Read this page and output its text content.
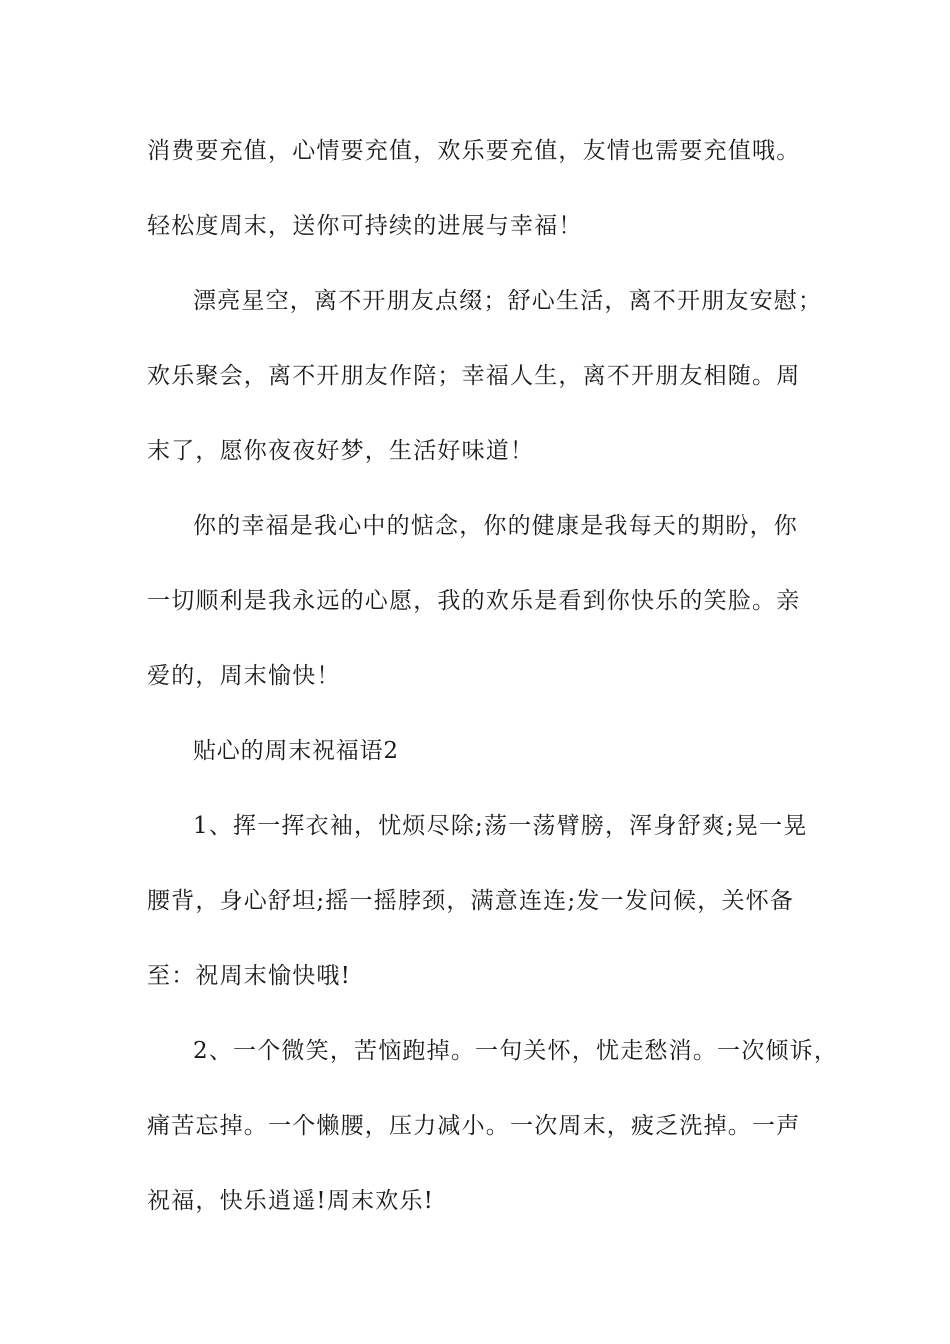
消费要充值，心情要充值，欢乐要充值，友情也需要充值哦。
轻松度周末，送你可持续的进展与幸福！
漂亮星空，离不开朋友点缀；舒心生活，离不开朋友安慰；
欢乐聚会，离不开朋友作陪；幸福人生，离不开朋友相随。周
末了，愿你夜夜好梦，生活好味道！
你的幸福是我心中的惦念，你的健康是我每天的期盼，你
一切顺利是我永远的心愿，我的欢乐是看到你快乐的笑脸。亲
爱的，周末愉快！
贴心的周末祝福语2
1、挥一挥衣袖，忧烦尽除;荡一荡臂膀，浑身舒爽;晃一晃
腰背，身心舒坦;摇一摇脖颈，满意连连;发一发问候，关怀备
至：祝周末愉快哦!
2、一个微笑，苦恼跑掉。一句关怀，忧走愁消。一次倾诉，
痛苦忘掉。一个懒腰，压力减小。一次周末，疲乏洗掉。一声
祝福，快乐逍遥!周末欢乐!
